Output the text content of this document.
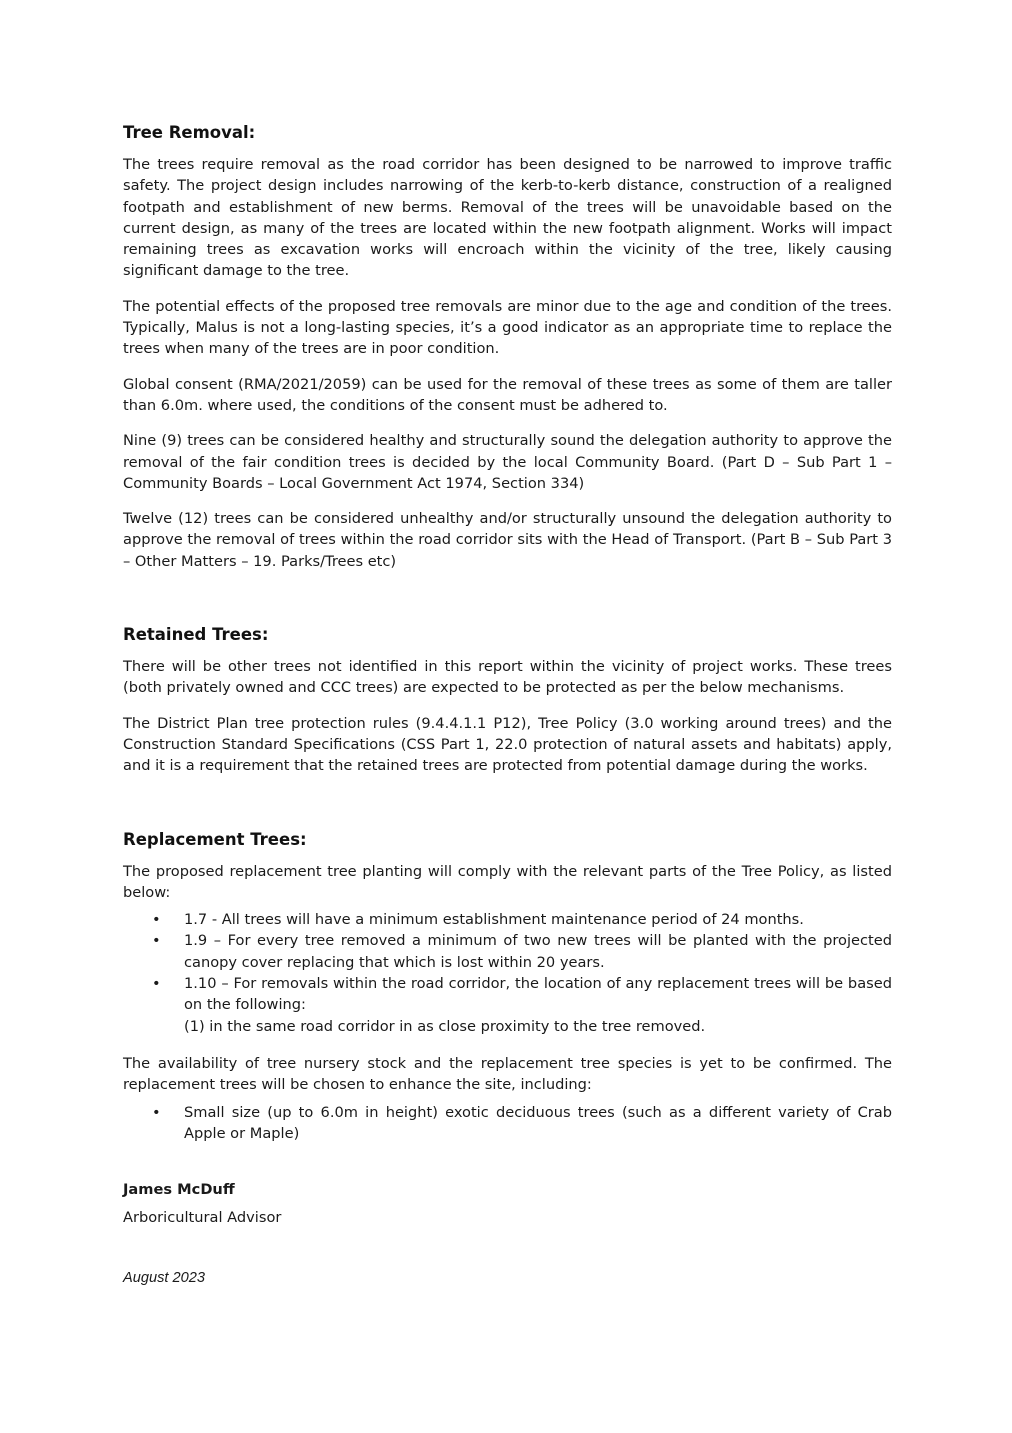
Tree Removal:

The trees require removal as the road corridor has been designed to be narrowed to improve traffic safety. The project design includes narrowing of the kerb-to-kerb distance, construction of a realigned footpath and establishment of new berms. Removal of the trees will be unavoidable based on the current design, as many of the trees are located within the new footpath alignment. Works will impact remaining trees as excavation works will encroach within the vicinity of the tree, likely causing significant damage to the tree.

The potential effects of the proposed tree removals are minor due to the age and condition of the trees. Typically, Malus is not a long-lasting species, it’s a good indicator as an appropriate time to replace the trees when many of the trees are in poor condition.

Global consent (RMA/2021/2059) can be used for the removal of these trees as some of them are taller than 6.0m. where used, the conditions of the consent must be adhered to.

Nine (9) trees can be considered healthy and structurally sound the delegation authority to approve the removal of the fair condition trees is decided by the local Community Board. (Part D – Sub Part 1 – Community Boards – Local Government Act 1974, Section 334)

Twelve (12) trees can be considered unhealthy and/or structurally unsound the delegation authority to approve the removal of trees within the road corridor sits with the Head of Transport. (Part B – Sub Part 3 – Other Matters – 19. Parks/Trees etc)

Retained Trees:

There will be other trees not identified in this report within the vicinity of project works. These trees (both privately owned and CCC trees) are expected to be protected as per the below mechanisms.

The District Plan tree protection rules (9.4.4.1.1 P12), Tree Policy (3.0 working around trees) and the Construction Standard Specifications (CSS Part 1, 22.0 protection of natural assets and habitats) apply, and it is a requirement that the retained trees are protected from potential damage during the works.

Replacement Trees:

The proposed replacement tree planting will comply with the relevant parts of the Tree Policy, as listed below:

• 1.7 - All trees will have a minimum establishment maintenance period of 24 months.
• 1.9 – For every tree removed a minimum of two new trees will be planted with the projected canopy cover replacing that which is lost within 20 years.
• 1.10 – For removals within the road corridor, the location of any replacement trees will be based on the following:
(1) in the same road corridor in as close proximity to the tree removed.

The availability of tree nursery stock and the replacement tree species is yet to be confirmed. The replacement trees will be chosen to enhance the site, including:

• Small size (up to 6.0m in height) exotic deciduous trees (such as a different variety of Crab Apple or Maple)
James McDuff
Arboricultural Advisor
August 2023
